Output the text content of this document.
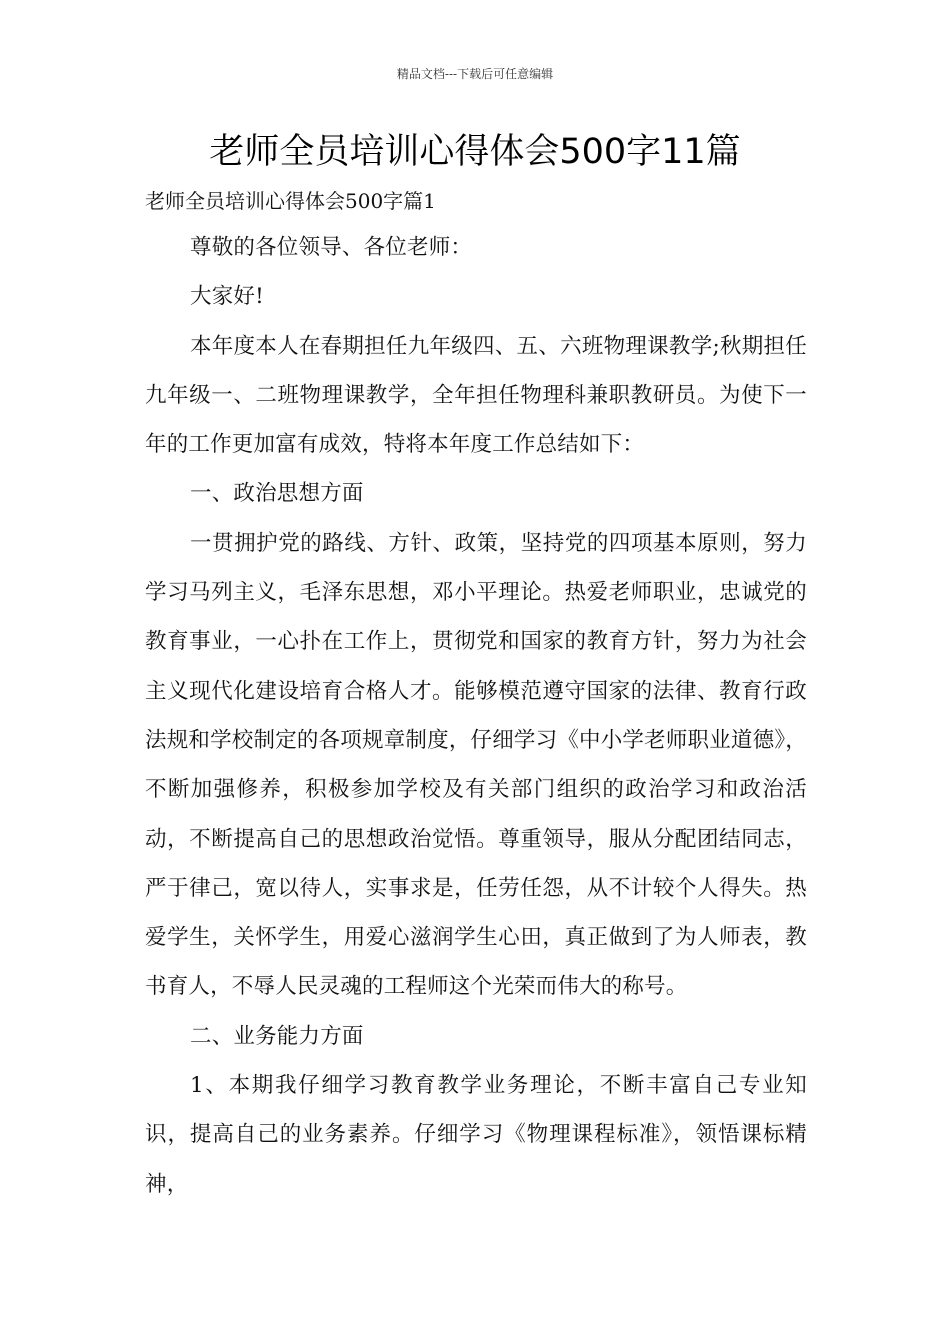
精品文档---下载后可任意编辑
老师全员培训心得体会500字11篇
老师全员培训心得体会500字篇1

尊敬的各位领导、各位老师：

大家好!

本年度本人在春期担任九年级四、五、六班物理课教学;秋期担任九年级一、二班物理课教学，全年担任物理科兼职教研员。为使下一年的工作更加富有成效，特将本年度工作总结如下：

一、政治思想方面

一贯拥护党的路线、方针、政策，坚持党的四项基本原则，努力学习马列主义，毛泽东思想，邓小平理论。热爱老师职业，忠诚党的教育事业，一心扑在工作上，贯彻党和国家的教育方针，努力为社会主义现代化建设培育合格人才。能够模范遵守国家的法律、教育行政法规和学校制定的各项规章制度，仔细学习《中小学老师职业道德》，不断加强修养，积极参加学校及有关部门组织的政治学习和政治活动，不断提高自己的思想政治觉悟。尊重领导，服从分配团结同志，严于律己，宽以待人，实事求是，任劳任怨，从不计较个人得失。热爱学生，关怀学生，用爱心滋润学生心田，真正做到了为人师表，教书育人，不辱人民灵魂的工程师这个光荣而伟大的称号。

二、业务能力方面

1、本期我仔细学习教育教学业务理论，不断丰富自己专业知识，提高自己的业务素养。仔细学习《物理课程标准》，领悟课标精神，
